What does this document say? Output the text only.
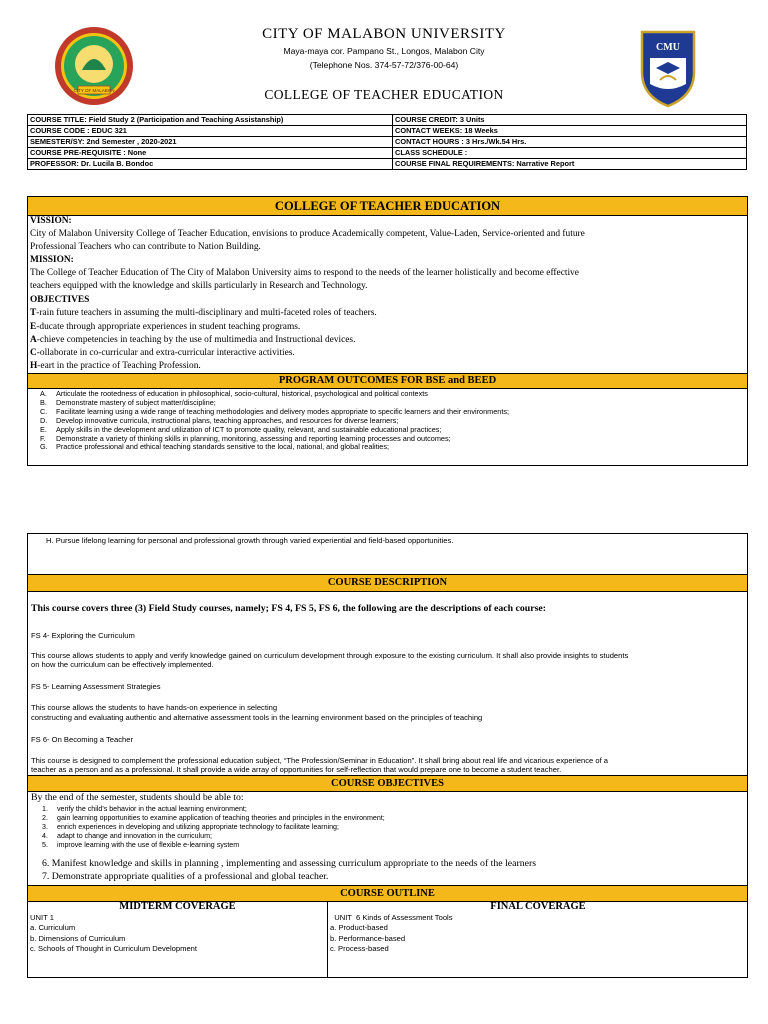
CITY OF MALABON
CMU
CITY OF MALABON UNIVERSITY
Maya-maya cor. Pampano St., Longos, Malabon City
(Telephone Nos. 374-57-72/376-00-64)
COLLEGE OF TEACHER EDUCATION
COURSE TITLE: Field Study 2 (Participation and Teaching Assistanship)	COURSE CREDIT: 3 Units
COURSE CODE : EDUC 321	CONTACT WEEKS: 18 Weeks
SEMESTER/SY: 2nd Semester , 2020-2021	CONTACT HOURS : 3 Hrs./Wk.54 Hrs.
COURSE PRE-REQUISITE : None	CLASS SCHEDULE :
PROFESSOR: Dr. Lucila B. Bondoc	COURSE FINAL REQUIREMENTS: Narrative Report
COLLEGE OF TEACHER EDUCATION
VISSION:
City of Malabon University College of Teacher Education, envisions to produce Academically competent, Value-Laden, Service-oriented and future
Professional Teachers who can contribute to Nation Building.
MISSION:
The College of Teacher Education of The City of Malabon University aims to respond to the needs of the learner holistically and become effective
teachers equipped with the knowledge and skills particularly in Research and Technology.
OBJECTIVES
T-rain future teachers in assuming the multi-disciplinary and multi-faceted roles of teachers.
E-ducate through appropriate experiences in student teaching programs.
A-chieve competencies in teaching by the use of multimedia and Instructional devices.
C-ollaborate in co-curricular and extra-curricular interactive activities.
H-eart in the practice of Teaching Profession.
PROGRAM OUTCOMES FOR BSE and BEED
A. Articulate the rootedness of education in philosophical, socio-cultural, historical, psychological and political contexts
B. Demonstrate mastery of subject matter/discipline;
C. Facilitate learning using a wide range of teaching methodologies and delivery modes appropriate to specific learners and their environments;
D. Develop innovative curricula, instructional plans, teaching approaches, and resources for diverse learners;
E. Apply skills in the development and utilization of ICT to promote quality, relevant, and sustainable educational practices;
F. Demonstrate a variety of thinking skills in planning, monitoring, assessing and reporting learning processes and outcomes;
G. Practice professional and ethical teaching standards sensitive to the local, national, and global realities;
H. Pursue lifelong learning for personal and professional growth through varied experiential and field-based opportunities.
COURSE DESCRIPTION
This course covers three (3) Field Study courses, namely; FS 4, FS 5, FS 6, the following are the descriptions of each course:
FS 4- Exploring the Curriculum
This course allows students to apply and verify knowledge gained on curriculum development through exposure to the existing curriculum. It shall also provide insights to students
on how the curriculum can be effectively implemented.
FS 5- Learning Assessment Strategies
This course allows the students to have hands-on experience in selecting
constructing and evaluating authentic and alternative assessment tools in the learning environment based on the principles of teaching
FS 6- On Becoming a Teacher
This course is designed to complement the professional education subject, “The Profession/Seminar in Education”. It shall bring about real life and vicarious experience of a
teacher as a person and as a professional. It shall provide a wide array of opportunities for self-reflection that would prepare one to become a student teacher.
COURSE OBJECTIVES
By the end of the semester, students should be able to:
1. verify the child's behavior in the actual learning environment;
2. gain learning opportunities to examine application of teaching theories and principles in the environment;
3. enrich experiences in developing and utilizing appropriate technology to facilitate learning;
4. adapt to change and innovation in the curriculum;
5. improve learning with the use of flexible e-learning system
6. Manifest knowledge and skills in planning , implementing and assessing curriculum appropriate to the needs of the learners
7. Demonstrate appropriate qualities of a professional and global teacher.
COURSE OUTLINE
MIDTERM COVERAGE
UNIT 1
a. Curriculum
b. Dimensions of Curriculum
c. Schools of Thought in Curriculum Development
FINAL COVERAGE
UNIT  6 Kinds of Assessment Tools
a. Product-based
b. Performance-based
c. Process-based
